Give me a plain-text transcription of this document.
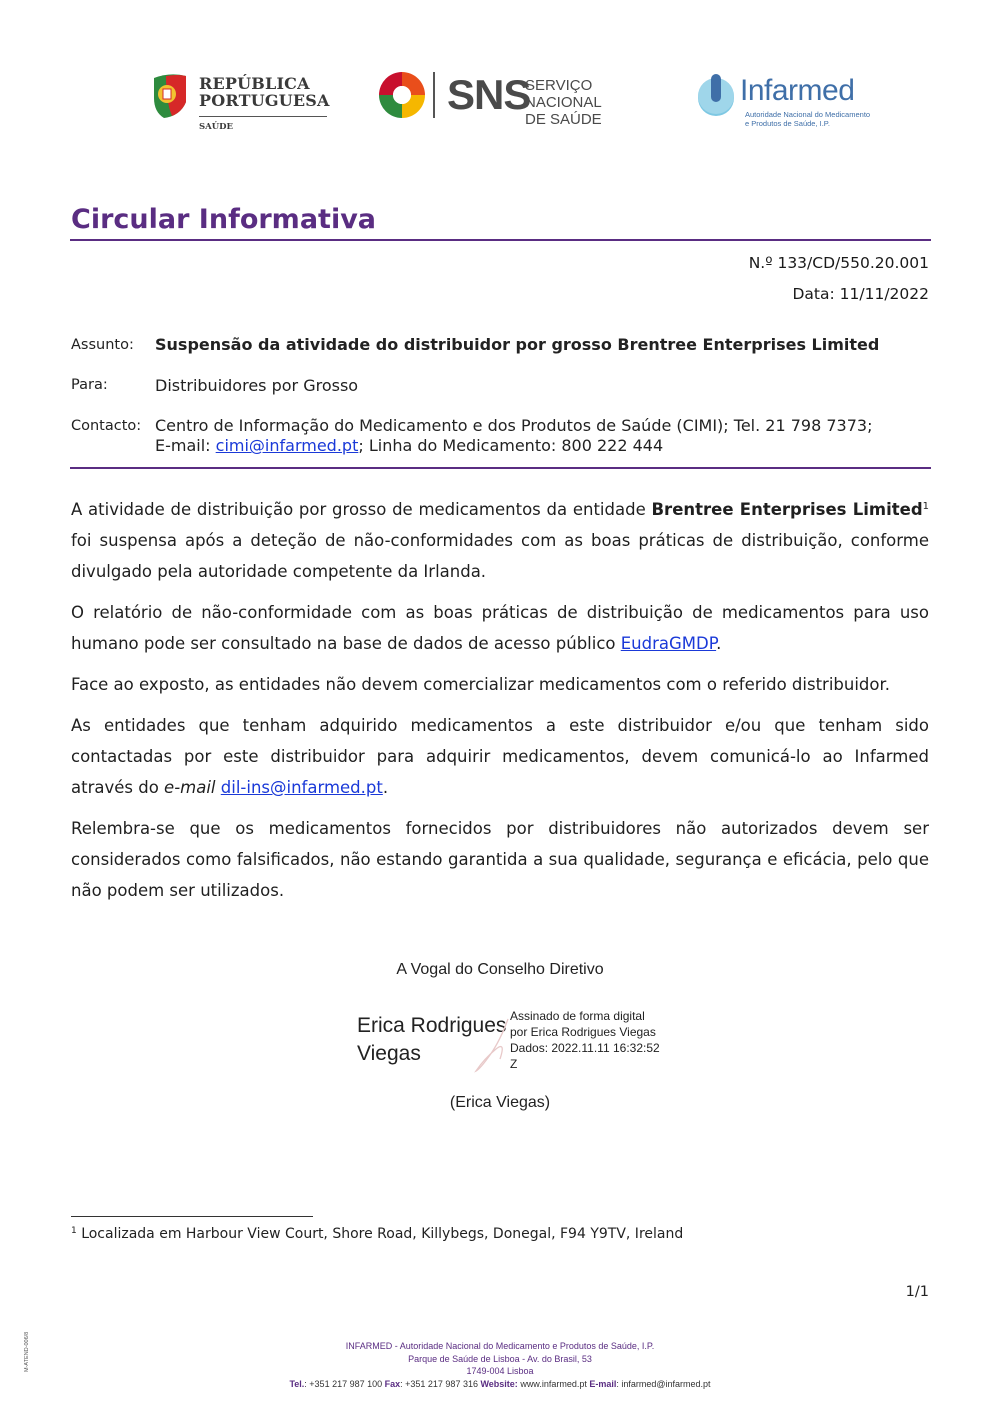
REPÚBLICA
PORTUGUESA
SAÚDE
SNS
SERVIÇO NACIONAL
DE SAÚDE
Infarmed
Autoridade Nacional do Medicamento
e Produtos de Saúde, I.P.
Circular Informativa
N.º 133/CD/550.20.001
Data: 11/11/2022
Assunto: Suspensão da atividade do distribuidor por grosso Brentree Enterprises Limited
Para:	Distribuidores por Grosso
Contacto: Centro de Informação do Medicamento e dos Produtos de Saúde (CIMI); Tel. 21 798 7373;
E-mail: cimi@infarmed.pt; Linha do Medicamento: 800 222 444

A atividade de distribuição por grosso de medicamentos da entidade Brentree Enterprises Limited$^1$ foi suspensa após a deteção de não-conformidades com as boas práticas de distribuição, conforme divulgado pela autoridade competente da Irlanda.

O relatório de não-conformidade com as boas práticas de distribuição de medicamentos para uso humano pode ser consultado na base de dados de acesso público EudraGMDP.

Face ao exposto, as entidades não devem comercializar medicamentos com o referido distribuidor.

As entidades que tenham adquirido medicamentos a este distribuidor e/ou que tenham sido contactadas por este distribuidor para adquirir medicamentos, devem comunicá-lo ao Infarmed através do e-mail dil-ins@infarmed.pt.

Relembra-se que os medicamentos fornecidos por distribuidores não autorizados devem ser considerados como falsificados, não estando garantida a sua qualidade, segurança e eficácia, pelo que não podem ser utilizados.

A Vogal do Conselho Diretivo
Erica Rodrigues
Viegas
Assinado de forma digital
por Erica Rodrigues Viegas
Dados: 2022.11.11 16:32:52
Z
(Erica Viegas)
$^1$ Localizada em Harbour View Court, Shore Road, Killybegs, Donegal, F94 Y9TV, Ireland
1/1
M-ATEND-006/8	INFARMED - Autoridade Nacional do Medicamento e Produtos de Saúde, I.P.
Parque de Saúde de Lisboa - Av. do Brasil, 53
1749-004 Lisboa
Tel.: +351 217 987 100 Fax: +351 217 987 316 Website: www.infarmed.pt E-mail: infarmed@infarmed.pt
